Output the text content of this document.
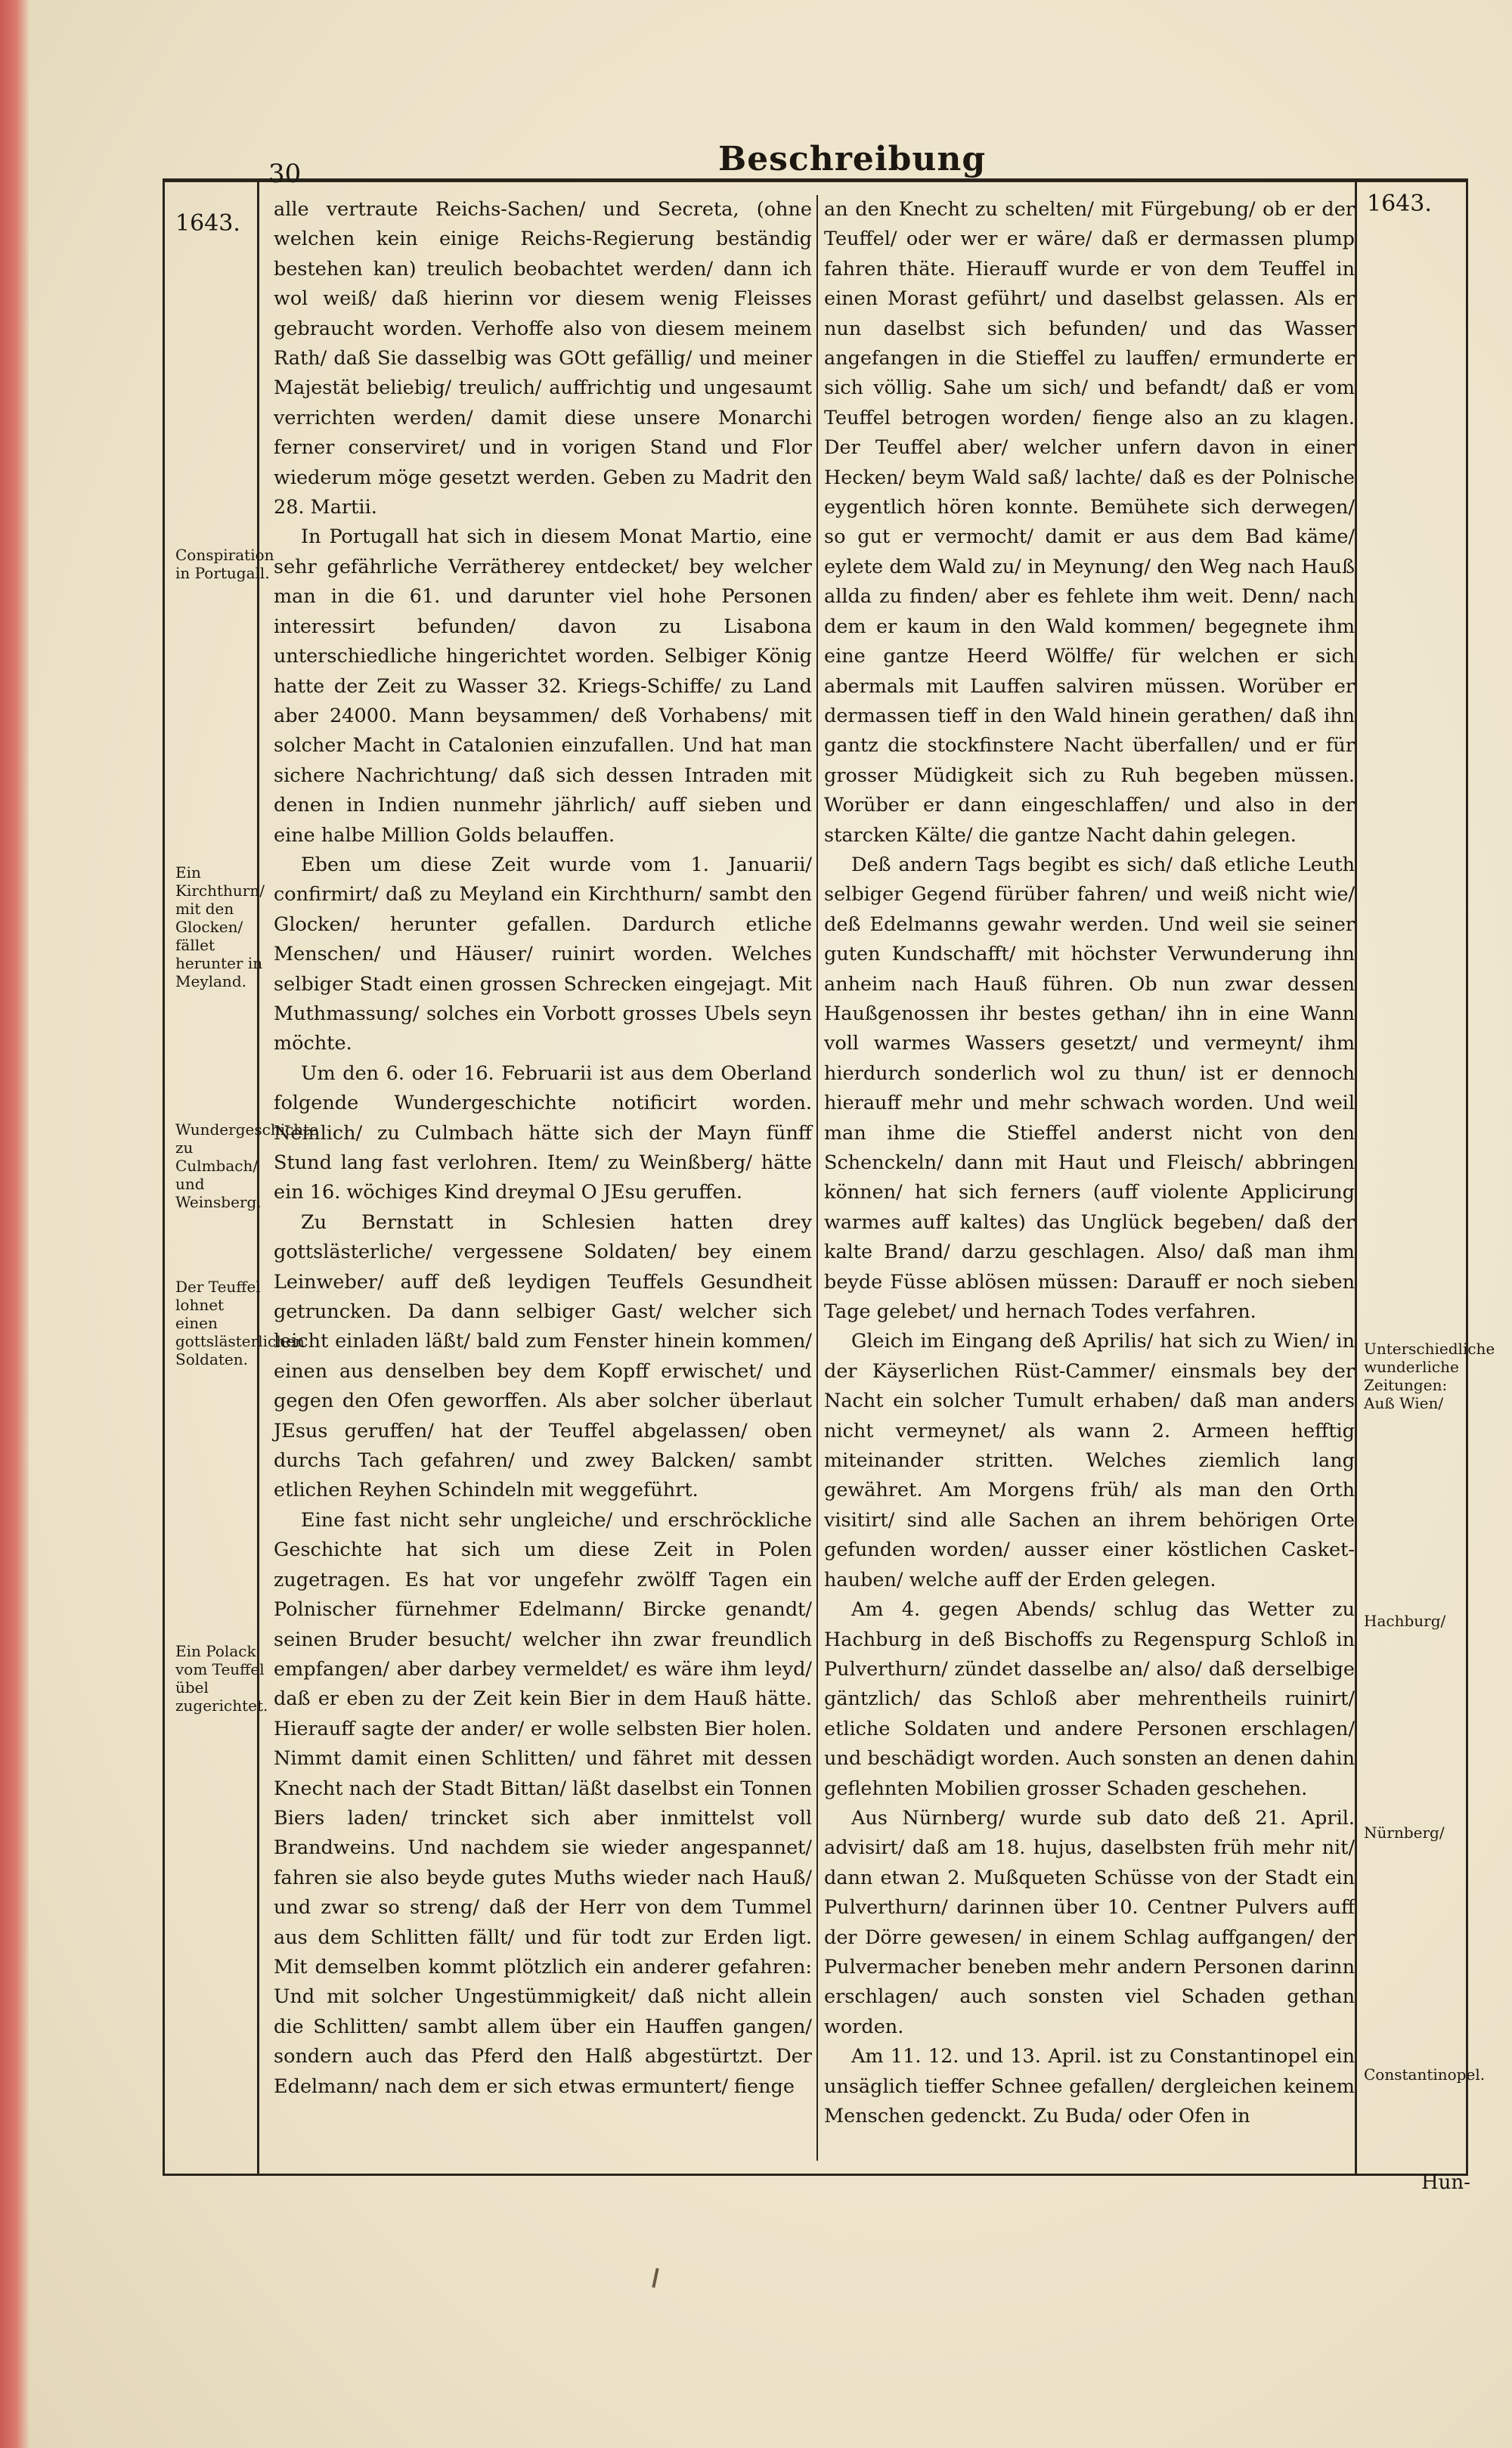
30	Beschreibung
1643.
1643.
Conspiration in Portugall.
Ein Kirchthurn/ mit den Glocken/ fället herunter in Meyland.
Wundergeschichte zu Culmbach/ und Weinsberg.
Der Teuffel lohnet einen gottslästerlichen Soldaten.
Ein Polack vom Teuffel übel zugerichtet.
Unterschiedliche wunderliche Zeitungen: Auß Wien/
Hachburg/
Nürnberg/
Constantinopel.

alle vertraute Reichs-Sachen/ und Secreta, (ohne welchen kein einige Reichs-Regierung beständig bestehen kan) treulich beobachtet werden/ dann ich wol weiß/ daß hierinn vor diesem wenig Fleisses gebraucht worden. Verhoffe also von diesem meinem Rath/ daß Sie dasselbig was GOtt gefällig/ und meiner Majestät beliebig/ treulich/ auffrichtig und ungesaumt verrichten werden/ damit diese unsere Monarchi ferner conserviret/ und in vorigen Stand und Flor wiederum möge gesetzt werden. Geben zu Madrit den 28. Martii.

In Portugall hat sich in diesem Monat Martio, eine sehr gefährliche Verrätherey entdecket/ bey welcher man in die 61. und darunter viel hohe Personen interessirt befunden/ davon zu Lisabona unterschiedliche hingerichtet worden. Selbiger König hatte der Zeit zu Wasser 32. Kriegs-Schiffe/ zu Land aber 24000. Mann beysammen/ deß Vorhabens/ mit solcher Macht in Catalonien einzufallen. Und hat man sichere Nachrichtung/ daß sich dessen Intraden mit denen in Indien nunmehr jährlich/ auff sieben und eine halbe Million Golds belauffen.

Eben um diese Zeit wurde vom 1. Januarii/ confirmirt/ daß zu Meyland ein Kirchthurn/ sambt den Glocken/ herunter gefallen. Dardurch etliche Menschen/ und Häuser/ ruinirt worden. Welches selbiger Stadt einen grossen Schrecken eingejagt. Mit Muthmassung/ solches ein Vorbott grosses Ubels seyn möchte.

Um den 6. oder 16. Februarii ist aus dem Oberland folgende Wundergeschichte notificirt worden. Nemlich/ zu Culmbach hätte sich der Mayn fünff Stund lang fast verlohren. Item/ zu Weinßberg/ hätte ein 16. wöchiges Kind dreymal O JEsu geruffen.

Zu Bernstatt in Schlesien hatten drey gottslästerliche/ vergessene Soldaten/ bey einem Leinweber/ auff deß leydigen Teuffels Gesundheit getruncken. Da dann selbiger Gast/ welcher sich leicht einladen läßt/ bald zum Fenster hinein kommen/ einen aus denselben bey dem Kopff erwischet/ und gegen den Ofen geworffen. Als aber solcher überlaut JEsus geruffen/ hat der Teuffel abgelassen/ oben durchs Tach gefahren/ und zwey Balcken/ sambt etlichen Reyhen Schindeln mit weggeführt.

Eine fast nicht sehr ungleiche/ und erschröckliche Geschichte hat sich um diese Zeit in Polen zugetragen. Es hat vor ungefehr zwölff Tagen ein Polnischer fürnehmer Edelmann/ Bircke genandt/ seinen Bruder besucht/ welcher ihn zwar freundlich empfangen/ aber darbey vermeldet/ es wäre ihm leyd/ daß er eben zu der Zeit kein Bier in dem Hauß hätte. Hierauff sagte der ander/ er wolle selbsten Bier holen. Nimmt damit einen Schlitten/ und fähret mit dessen Knecht nach der Stadt Bittan/ läßt daselbst ein Tonnen Biers laden/ trincket sich aber inmittelst voll Brandweins. Und nachdem sie wieder angespannet/ fahren sie also beyde gutes Muths wieder nach Hauß/ und zwar so streng/ daß der Herr von dem Tummel aus dem Schlitten fällt/ und für todt zur Erden ligt. Mit demselben kommt plötzlich ein anderer gefahren: Und mit solcher Ungestümmigkeit/ daß nicht allein die Schlitten/ sambt allem über ein Hauffen gangen/ sondern auch das Pferd den Halß abgestürtzt. Der Edelmann/ nach dem er sich etwas ermuntert/ fienge

an den Knecht zu schelten/ mit Fürgebung/ ob er der Teuffel/ oder wer er wäre/ daß er dermassen plump fahren thäte. Hierauff wurde er von dem Teuffel in einen Morast geführt/ und daselbst gelassen. Als er nun daselbst sich befunden/ und das Wasser angefangen in die Stieffel zu lauffen/ ermunderte er sich völlig. Sahe um sich/ und befandt/ daß er vom Teuffel betrogen worden/ fienge also an zu klagen. Der Teuffel aber/ welcher unfern davon in einer Hecken/ beym Wald saß/ lachte/ daß es der Polnische eygentlich hören konnte. Bemühete sich derwegen/ so gut er vermocht/ damit er aus dem Bad käme/ eylete dem Wald zu/ in Meynung/ den Weg nach Hauß allda zu finden/ aber es fehlete ihm weit. Denn/ nach dem er kaum in den Wald kommen/ begegnete ihm eine gantze Heerd Wölffe/ für welchen er sich abermals mit Lauffen salviren müssen. Worüber er dermassen tieff in den Wald hinein gerathen/ daß ihn gantz die stockfinstere Nacht überfallen/ und er für grosser Müdigkeit sich zu Ruh begeben müssen. Worüber er dann eingeschlaffen/ und also in der starcken Kälte/ die gantze Nacht dahin gelegen.

Deß andern Tags begibt es sich/ daß etliche Leuth selbiger Gegend fürüber fahren/ und weiß nicht wie/ deß Edelmanns gewahr werden. Und weil sie seiner guten Kundschafft/ mit höchster Verwunderung ihn anheim nach Hauß führen. Ob nun zwar dessen Haußgenossen ihr bestes gethan/ ihn in eine Wann voll warmes Wassers gesetzt/ und vermeynt/ ihm hierdurch sonderlich wol zu thun/ ist er dennoch hierauff mehr und mehr schwach worden. Und weil man ihme die Stieffel anderst nicht von den Schenckeln/ dann mit Haut und Fleisch/ abbringen können/ hat sich ferners (auff violente Applicirung warmes auff kaltes) das Unglück begeben/ daß der kalte Brand/ darzu geschlagen. Also/ daß man ihm beyde Füsse ablösen müssen: Darauff er noch sieben Tage gelebet/ und hernach Todes verfahren.

Gleich im Eingang deß Aprilis/ hat sich zu Wien/ in der Käyserlichen Rüst-Cammer/ einsmals bey der Nacht ein solcher Tumult erhaben/ daß man anders nicht vermeynet/ als wann 2. Armeen hefftig miteinander stritten. Welches ziemlich lang gewähret. Am Morgens früh/ als man den Orth visitirt/ sind alle Sachen an ihrem behörigen Orte gefunden worden/ ausser einer köstlichen Casket-hauben/ welche auff der Erden gelegen.

Am 4. gegen Abends/ schlug das Wetter zu Hachburg in deß Bischoffs zu Regenspurg Schloß in Pulverthurn/ zündet dasselbe an/ also/ daß derselbige gäntzlich/ das Schloß aber mehrentheils ruinirt/ etliche Soldaten und andere Personen erschlagen/ und beschädigt worden. Auch sonsten an denen dahin geflehnten Mobilien grosser Schaden geschehen.

Aus Nürnberg/ wurde sub dato deß 21. April. advisirt/ daß am 18. hujus, daselbsten früh mehr nit/ dann etwan 2. Mußqueten Schüsse von der Stadt ein Pulverthurn/ darinnen über 10. Centner Pulvers auff der Dörre gewesen/ in einem Schlag auffgangen/ der Pulvermacher beneben mehr andern Personen darinn erschlagen/ auch sonsten viel Schaden gethan worden.

Am 11. 12. und 13. April. ist zu Constantinopel ein unsäglich tieffer Schnee gefallen/ dergleichen keinem Menschen gedenckt. Zu Buda/ oder Ofen in

Hun-
